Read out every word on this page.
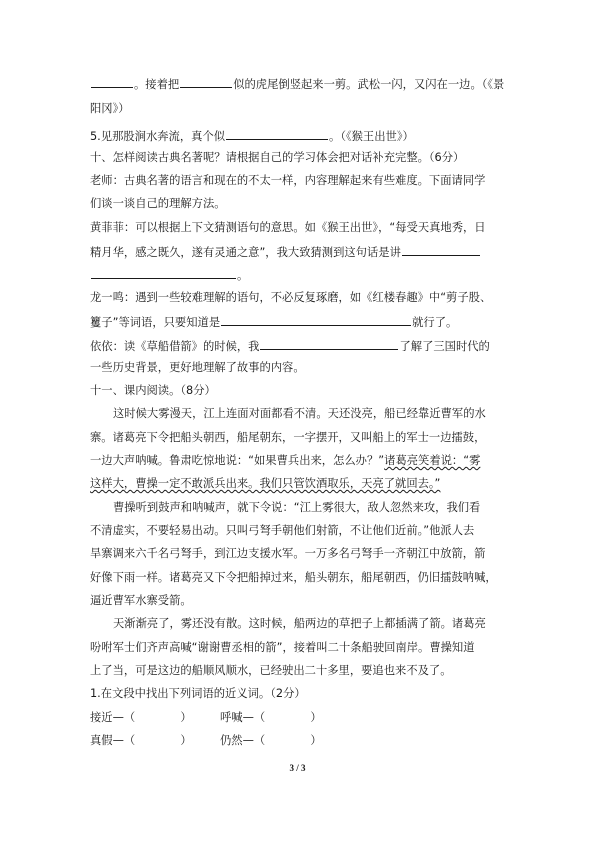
。接着把	似的虎尾倒竖起来一剪。武松一闪，又闪在一边。（《景
阳冈》）
5.见那股涧水奔流，真个似	。（《猴王出世》）
十、怎样阅读古典名著呢？请根据自己的学习体会把对话补充完整。（6分）
老师：古典名著的语言和现在的不太一样，内容理解起来有些难度。下面请同学
们谈一谈自己的理解方法。
黄菲菲：可以根据上下文猜测语句的意思。如《猴王出世》，“每受天真地秀，日
精月华，感之既久，遂有灵通之意”，我大致猜测到这句话是讲
。
龙一鸣：遇到一些较难理解的语句，不必反复琢磨，如《红楼春趣》中“剪子股、
籰子”等词语，只要知道是	就行了。
依依：读《草船借箭》的时候，我	了解了三国时代的
一些历史背景，更好地理解了故事的内容。
十一、课内阅读。（8分）
这时候大雾漫天，江上连面对面都看不清。天还没亮，船已经靠近曹军的水
寨。诸葛亮下令把船头朝西，船尾朝东，一字摆开，又叫船上的军士一边擂鼓，
一边大声呐喊。鲁肃吃惊地说：“如果曹兵出来，怎么办？”诸葛亮笑着说：“雾
这样大，曹操一定不敢派兵出来。我们只管饮酒取乐，天亮了就回去。”
曹操听到鼓声和呐喊声，就下令说：“江上雾很大，敌人忽然来攻，我们看
不清虚实，不要轻易出动。只叫弓弩手朝他们射箭，不让他们近前。”他派人去
旱寨调来六千名弓弩手，到江边支援水军。一万多名弓弩手一齐朝江中放箭，箭
好像下雨一样。诸葛亮又下令把船掉过来，船头朝东，船尾朝西，仍旧擂鼓呐喊，
逼近曹军水寨受箭。
天渐渐亮了，雾还没有散。这时候，船两边的草把子上都插满了箭。诸葛亮
吩咐军士们齐声高喊“谢谢曹丞相的箭”，接着叫二十条船驶回南岸。曹操知道
上了当，可是这边的船顺风顺水，已经驶出二十多里，要追也来不及了。
1.在文段中找出下列词语的近义词。（2分）
接近—（　　　　）	呼喊—（　　　　）
真假—（　　　　）	仍然—（　　　　）
3 / 3
